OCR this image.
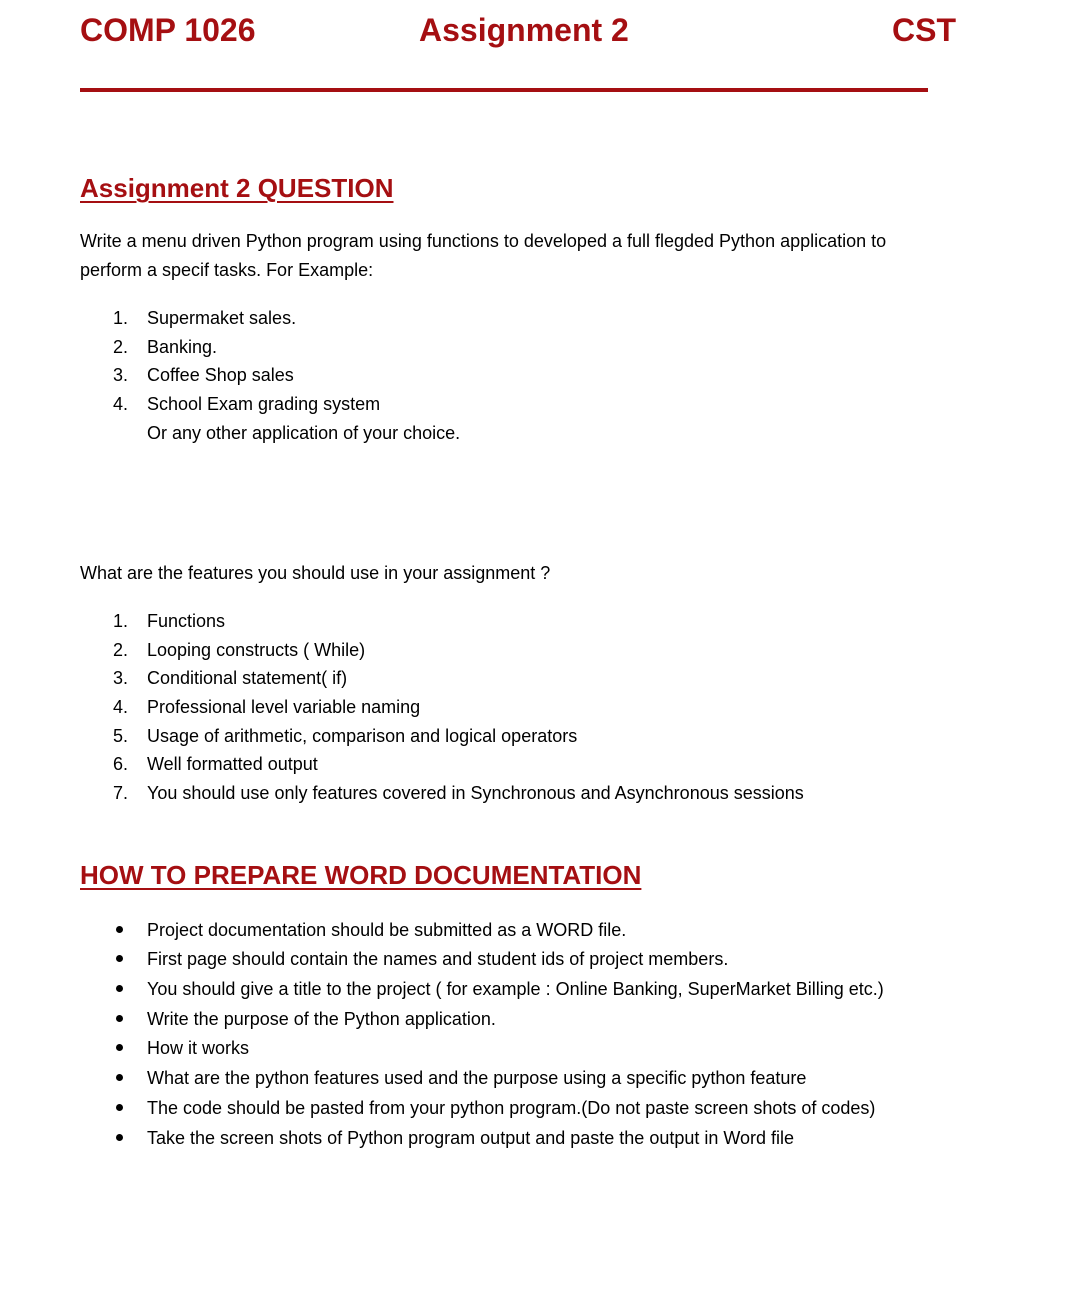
COMP 1026	Assignment 2	CST
Assignment 2 QUESTION
Write a menu driven Python program using functions to developed a full flegded Python application to
perform a specif tasks. For Example:
1. Supermaket sales.
2. Banking.
3. Coffee Shop sales
4. School Exam grading system
Or any other application of your choice.
What are the features you should use in your assignment ?
1. Functions
2. Looping constructs ( While)
3. Conditional statement( if)
4. Professional level variable naming
5. Usage of arithmetic, comparison and logical operators
6. Well formatted output
7. You should use only features covered in Synchronous and Asynchronous sessions
HOW TO PREPARE WORD DOCUMENTATION
Project documentation should be submitted as a WORD file.
First page should contain the names and student ids of project members.
You should give a title to the project ( for example : Online Banking, SuperMarket Billing etc.)
Write the purpose of the Python application.
How it works
What are the python features used and the purpose using a specific python feature
The code should be pasted from your python program.(Do not paste screen shots of codes)
Take the screen shots of Python program output and paste the output in Word file
